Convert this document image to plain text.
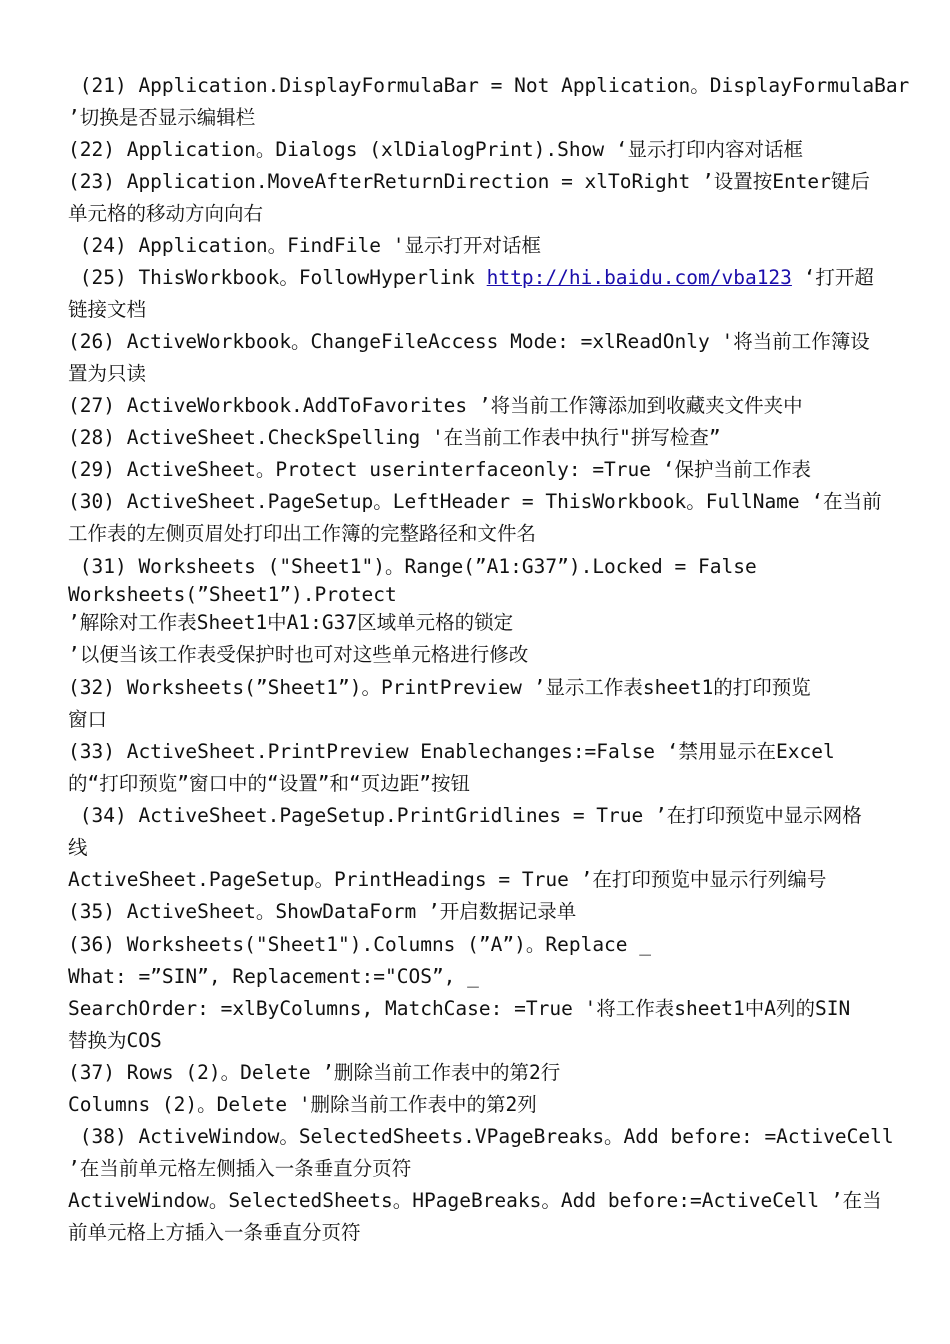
(21) Application.DisplayFormulaBar = Not Application。DisplayFormulaBar
’切换是否显示编辑栏
(22) Application。Dialogs (xlDialogPrint).Show ‘显示打印内容对话框
(23) Application.MoveAfterReturnDirection = xlToRight ’设置按Enter键后
单元格的移动方向向右
(24) Application。FindFile '显示打开对话框
(25) ThisWorkbook。FollowHyperlink http://hi.baidu.com/vba123 ‘打开超
链接文档
(26) ActiveWorkbook。ChangeFileAccess Mode: =xlReadOnly '将当前工作簿设
置为只读
(27) ActiveWorkbook.AddToFavorites ’将当前工作簿添加到收藏夹文件夹中
(28) ActiveSheet.CheckSpelling '在当前工作表中执行"拼写检查”
(29) ActiveSheet。Protect userinterfaceonly: =True ‘保护当前工作表
(30) ActiveSheet.PageSetup。LeftHeader = ThisWorkbook。FullName ‘在当前
工作表的左侧页眉处打印出工作簿的完整路径和文件名
(31) Worksheets ("Sheet1")。Range(”A1:G37”).Locked = False
Worksheets(”Sheet1”).Protect
’解除对工作表Sheet1中A1:G37区域单元格的锁定
’以便当该工作表受保护时也可对这些单元格进行修改
(32) Worksheets(”Sheet1”)。PrintPreview ’显示工作表sheet1的打印预览
窗口
(33) ActiveSheet.PrintPreview Enablechanges:=False ‘禁用显示在Excel
的“打印预览”窗口中的“设置”和“页边距”按钮
(34) ActiveSheet.PageSetup.PrintGridlines = True ’在打印预览中显示网格
线
ActiveSheet.PageSetup。PrintHeadings = True ’在打印预览中显示行列编号
(35) ActiveSheet。ShowDataForm ’开启数据记录单
(36) Worksheets("Sheet1").Columns (”A”)。Replace _
What: =”SIN”, Replacement:="COS”, _
SearchOrder: =xlByColumns, MatchCase: =True '将工作表sheet1中A列的SIN
替换为COS
(37) Rows (2)。Delete ’删除当前工作表中的第2行
Columns (2)。Delete '删除当前工作表中的第2列
(38) ActiveWindow。SelectedSheets.VPageBreaks。Add before: =ActiveCell
’在当前单元格左侧插入一条垂直分页符
ActiveWindow。SelectedSheets。HPageBreaks。Add before:=ActiveCell ’在当
前单元格上方插入一条垂直分页符
